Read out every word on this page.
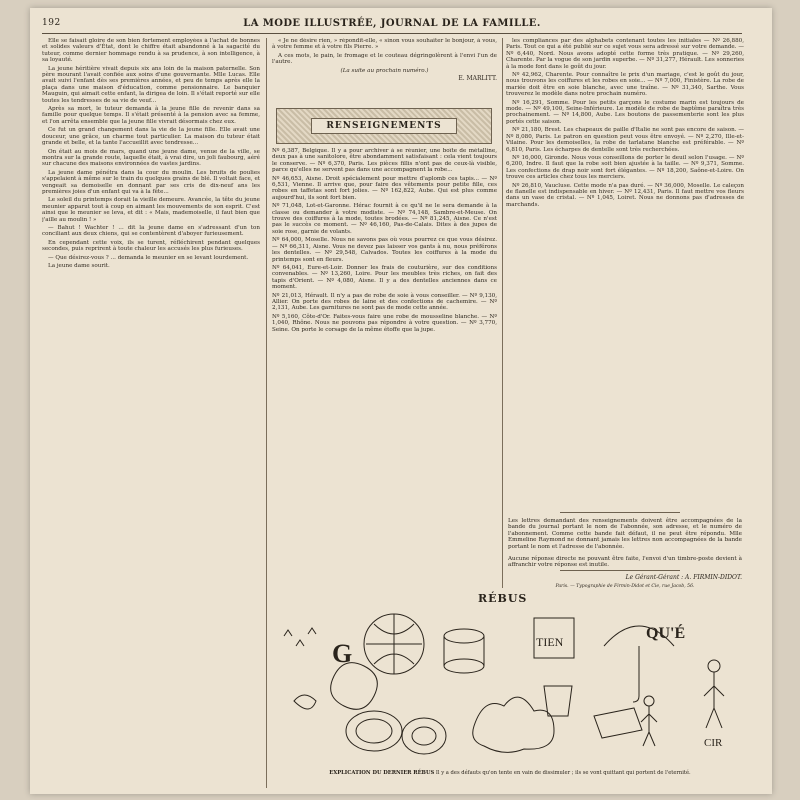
192	LA MODE ILLUSTRÉE, JOURNAL DE LA FAMILLE.

Elle se faisait gloire de son bien fortement employées à l'achat de bonnes et solides valeurs d'État, dont le chiffre était abandonné à la sagacité du tuteur, comme dernier hommage rendu à sa prudence, à son intelligence, à sa loyauté.

La jeune héritière vivait depuis six ans loin de la maison paternelle. Son père mourant l'avait confiée aux soins d'une gouvernante. Mlle Lucas. Elle avait suivi l'enfant dès ses premières années, et peu de temps après elle la plaça dans une maison d'éducation, comme pensionnaire. Le banquier Mauguin, qui aimait cette enfant, la dirigea de loin. Il s'était reporté sur elle toutes les tendresses de sa vie de veuf...

Après sa mort, le tuteur demanda à la jeune fille de revenir dans sa famille pour quelque temps. Il s'était présenté à la pension avec sa femme, et l'on arrêta ensemble que la jeune fille vivrait désormais chez eux.

Ce fut un grand changement dans la vie de la jeune fille. Elle avait une douceur, une grâce, un charme tout particulier. La maison du tuteur était grande et belle, et la tante l'accueillit avec tendresse...

On était au mois de mars, quand une jeune dame, venue de la ville, se montra sur la grande route, laquelle était, à vrai dire, un joli faubourg, aéré sur chacune des maisons environnées de vastes jardins.

La jeune dame pénétra dans la cour du moulin. Les bruits de poulies s'appelaient à même sur le train du quelques grains de blé. Il voltait face, et vengeait sa demoiselle en donnant par ses cris de dix-neuf ans les premières joies d'un enfant qui va à la fête...

Le soleil du printemps dorait la vieille demeure. Avancée, la tête du jeune meunier apparut tout à coup en aimant les mouvements de son esprit. C'est ainsi que le meunier se leva, et dit : « Mais, mademoiselle, il faut bien que j'aille au moulin ! »

— Bahut ! Wachter ! ... dit la jeune dame en s'adressant d'un ton conciliant aux deux chiens, qui se contentèrent d'aboyer furieusement.

En cependant cette voix, ils se turent, réfléchirent pendant quelques secondes, puis reprirent à toute chaleur les accusés les plus furieuses.

— Que désirez-vous ? ... demanda le meunier en se levant lourdement.

La jeune dame sourit.

« Je ne désire rien, » répondit-elle, « sinon vous souhaiter le bonjour, à vous, à votre femme et à votre fils Pierre. »

A ces mots, le pain, le fromage et le couteau dégringolèrent à l'envi l'un de l'autre.

(La suite au prochain numéro.)

E. MARLITT.
RENSEIGNEMENTS

Nº 6,387, Belgique. Il y a pour archiver à se réunier, une boîte de métalline, deux pas à une sanitolore, être abondamment satisfaisant : cela vient toujours le conserve. — Nº 6,370, Paris. Les pièces fillis n'ont pas de ceux-là visible, parce qu'elles ne servent pas dans une accompagnent la robe...

Nº 46,653, Aisne. Droit spécialement pour mettre d'aplomb ces tapis... — Nº 6,531, Vienne. Il arrive que, pour faire des vêtements pour petite fille, ces robes en taffetas sont fort jolies. — Nº 162,822, Aube. Qui est plus comme aujourd'hui, ils sont fort bien.

Nº 71,048, Lot-et-Garonne. Hérac fournit à ce qu'il ne le sera demande à la classe ou demander à votre modiste. — Nº 74,148, Sambre-et-Meuse. On trouve des coiffures à la mode, toutes brodées. — Nº 81,245, Aisne. Ce n'est pas le succès ce moment. — Nº 46,160, Pas-de-Calais. Dites à des jupes de soie rose, garnie de volants.

Nº 64,000, Moselle. Nous ne savons pas où vous pourrez ce que vous désirez. — Nº 66,311, Aisne. Vous ne devez pas laisser vos gants à nu, nous préférons les dentelles. — Nº 29,548, Calvados. Toutes les coiffures à la mode du printemps sont en fleurs.

Nº 64,041, Eure-et-Loir. Donner les frais de couturière, sur des conditions convenables. — Nº 13,260, Loire. Pour les meubles très riches, on fait des tapis d'Orient. — Nº 4,080, Aisne. Il y a des dentelles anciennes dans ce moment.

Nº 21,013, Hérault. Il n'y a pas de robe de soie à vous conseiller. — Nº 9,130, Allier. On porte des robes de laine et des confections de cachemire. — Nº 2,131, Aube. Les garnitures ne sont pas de mode cette année.

Nº 5,160, Côte-d'Or. Faites-vous faire une robe de mousseline blanche. — Nº 1,040, Rhône. Nous ne pouvons pas répondre à votre question. — Nº 3,770, Seine. On porte le corsage de la même étoffe que la jupe.

les compliances par des alphabets contenant toutes les initiales — Nº 26,880, Paris. Tout ce qui a été publié sur ce sujet vous sera adressé sur votre demande. — Nº 6,440, Nord. Nous avons adopté cette forme très pratique. — Nº 29,260, Charente. Par la vogue de son jardin superbe. — Nº 31,277, Hérault. Les sonneries à la mode font dans le goût du jour.

Nº 42,962, Charente. Pour connaître le prix d'un mariage, c'est le goût du jour, nous trouvons les coiffures et les robes en soie... — Nº 7,000, Finistère. La robe de mariée doit être en soie blanche, avec une traîne. — Nº 31,340, Sarthe. Vous trouverez le modèle dans notre prochain numéro.

Nº 16,291, Somme. Pour les petits garçons le costume marin est toujours de mode. — Nº 49,100, Seine-Inférieure. Le modèle de robe de baptême paraîtra très prochainement. — Nº 14,800, Aube. Les boutons de passementerie sont les plus portés cette saison.

Nº 21,180, Brest. Les chapeaux de paille d'Italie ne sont pas encore de saison. — Nº 8,080, Paris. Le patron en question peut vous être envoyé. — Nº 2,270, Ille-et-Vilaine. Pour les demoiselles, la robe de tarlatane blanche est préférable. — Nº 6,810, Paris. Les écharpes de dentelle sont très recherchées.

Nº 16,000, Gironde. Nous vous conseillons de porter le deuil selon l'usage. — Nº 6,200, Indre. Il faut que la robe soit bien ajustée à la taille. — Nº 9,371, Somme. Les confections de drap noir sont fort élégantes. — Nº 18,200, Saône-et-Loire. On trouve ces articles chez tous les merciers.

Nº 26,810, Vaucluse. Cette mode n'a pas duré. — Nº 36,000, Moselle. Le caleçon de flanelle est indispensable en hiver. — Nº 12,431, Paris. Il faut mettre vos fleurs dans un vase de cristal. — Nº 1,045, Loiret. Nous ne donnons pas d'adresses de marchands.

Les lettres demandant des renseignements doivent être accompagnées de la bande du journal portant le nom de l'abonnée, son adresse, et le numéro de l'abonnement. Comme cette bande fait défaut, il ne peut être répondu. Mlle Emmeline Raymond ne donnant jamais les lettres non accompagnées de la bande portant le nom et l'adresse de l'abonnée.

Aucune réponse directe ne pouvant être faite, l'envoi d'un timbre-poste devient à affranchir votre réponse est inutile.

Le Gérant-Gérant : A. FIRMIN-DIDOT.
Paris. — Typographie de Firmin-Didot et Cie, rue Jacob, 56.
RÉBUS
G	TIEN	QU'É
CIR
EXPLICATION DU DERNIER RÉBUS Il y a des défauts qu'on tente en vain de dissimuler ; ils se vont quittant qui portent de l'eternité.
